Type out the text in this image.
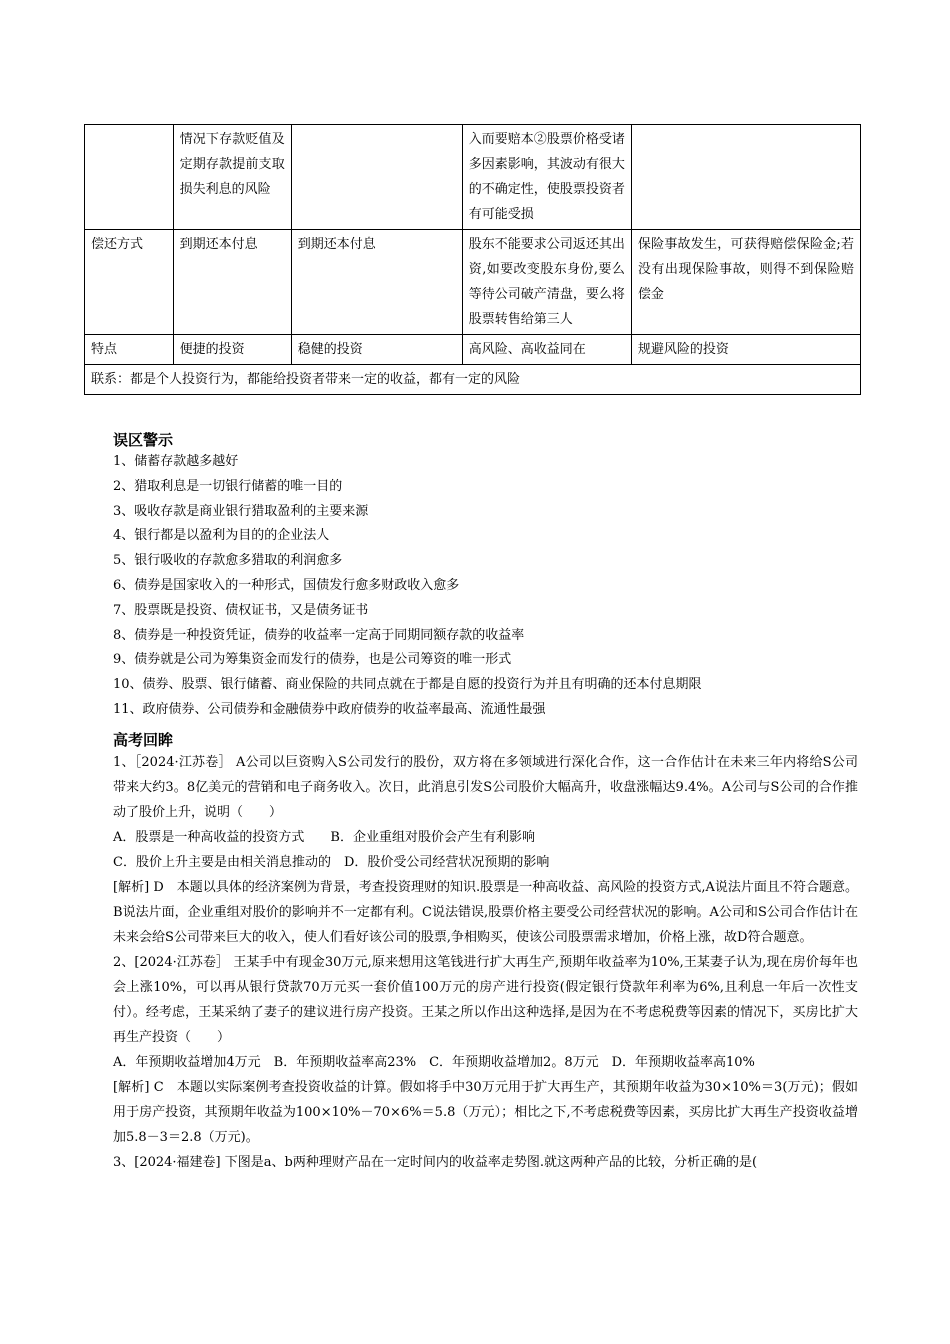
	情况下存款贬值及定期存款提前支取损失利息的风险		入而要赔本②股票价格受诸多因素影响，其波动有很大的不确定性，使股票投资者有可能受损	
偿还方式	到期还本付息	到期还本付息	股东不能要求公司返还其出资,如要改变股东身份,要么等待公司破产清盘，要么将股票转售给第三人	保险事故发生，可获得赔偿保险金;若没有出现保险事故，则得不到保险赔偿金
特点	便捷的投资	稳健的投资	高风险、高收益同在	规避风险的投资
联系：都是个人投资行为，都能给投资者带来一定的收益，都有一定的风险				
误区警示
1、储蓄存款越多越好
2、猎取利息是一切银行储蓄的唯一目的
3、吸收存款是商业银行猎取盈利的主要来源
4、银行都是以盈利为目的的企业法人
5、银行吸收的存款愈多猎取的利润愈多
6、债券是国家收入的一种形式，国债发行愈多财政收入愈多
7、股票既是投资、债权证书，又是债务证书
8、债券是一种投资凭证，债券的收益率一定高于同期同额存款的收益率
9、债券就是公司为筹集资金而发行的债券，也是公司筹资的唯一形式
10、债券、股票、银行储蓄、商业保险的共同点就在于都是自愿的投资行为并且有明确的还本付息期限
11、政府债券、公司债券和金融债券中政府债券的收益率最高、流通性最强
高考回眸

1、［2024·江苏卷］ A公司以巨资购入S公司发行的股份，双方将在多领域进行深化合作，这一合作估计在未来三年内将给S公司带来大约3。8亿美元的营销和电子商务收入。次日，此消息引发S公司股价大幅高升，收盘涨幅达9.4%。A公司与S公司的合作推动了股价上升，说明（　　）

A．股票是一种高收益的投资方式　　B．企业重组对股价会产生有利影响

C．股价上升主要是由相关消息推动的　D．股价受公司经营状况预期的影响

[解析] D　本题以具体的经济案例为背景，考查投资理财的知识.股票是一种高收益、高风险的投资方式,A说法片面且不符合题意。B说法片面，企业重组对股价的影响并不一定都有利。C说法错误,股票价格主要受公司经营状况的影响。A公司和S公司合作估计在未来会给S公司带来巨大的收入，使人们看好该公司的股票,争相购买，使该公司股票需求增加，价格上涨，故D符合题意。

2、[2024·江苏卷］ 王某手中有现金30万元,原来想用这笔钱进行扩大再生产,预期年收益率为10%,王某妻子认为,现在房价每年也会上涨10%，可以再从银行贷款70万元买一套价值100万元的房产进行投资(假定银行贷款年利率为6%,且利息一年后一次性支付）。经考虑，王某采纳了妻子的建议进行房产投资。王某之所以作出这种选择,是因为在不考虑税费等因素的情况下，买房比扩大再生产投资（　　）

A．年预期收益增加4万元　B．年预期收益率高23%　C．年预期收益增加2。8万元　D．年预期收益率高10%

[解析] C　本题以实际案例考查投资收益的计算。假如将手中30万元用于扩大再生产，其预期年收益为30×10%＝3(万元)；假如用于房产投资，其预期年收益为100×10%－70×6%＝5.8（万元）；相比之下,不考虑税费等因素，买房比扩大再生产投资收益增加5.8－3＝2.8（万元)。

3、[2024·福建卷] 下图是a、b两种理财产品在一定时间内的收益率走势图.就这两种产品的比较，分析正确的是(
